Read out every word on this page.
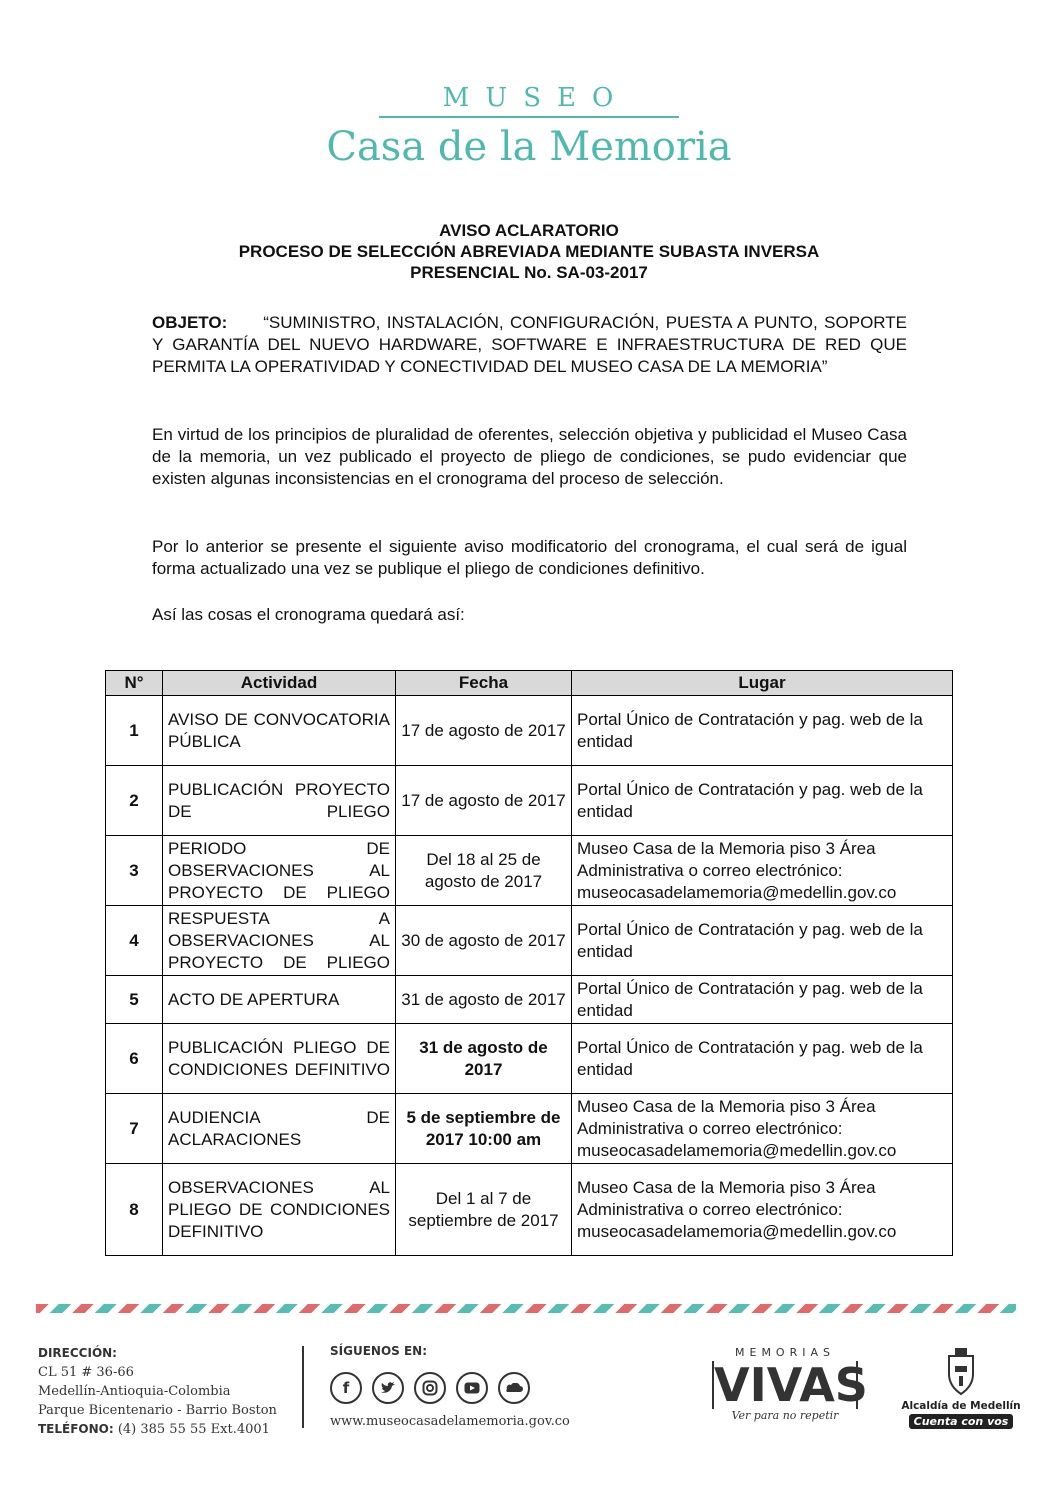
MUSEO
Casa de la Memoria
AVISO ACLARATORIO
PROCESO DE SELECCIÓN ABREVIADA MEDIANTE SUBASTA INVERSA
PRESENCIAL No. SA-03-2017
OBJETO: “SUMINISTRO, INSTALACIÓN, CONFIGURACIÓN, PUESTA A PUNTO, SOPORTE Y GARANTÍA DEL NUEVO HARDWARE, SOFTWARE E INFRAESTRUCTURA DE RED QUE PERMITA LA OPERATIVIDAD Y CONECTIVIDAD DEL MUSEO CASA DE LA MEMORIA”
En virtud de los principios de pluralidad de oferentes, selección objetiva y publicidad el Museo Casa de la memoria, un vez publicado el proyecto de pliego de condiciones, se pudo evidenciar que existen algunas inconsistencias en el cronograma del proceso de selección.
Por lo anterior se presente el siguiente aviso modificatorio del cronograma, el cual será de igual forma actualizado una vez se publique el pliego de condiciones definitivo.
Así las cosas el cronograma quedará así:
N°	Actividad	Fecha	Lugar
1	AVISO DE CONVOCATORIA PÚBLICA	17 de agosto de 2017	Portal Único de Contratación y pag. web de la entidad
2	PUBLICACIÓN PROYECTO DE PLIEGO	17 de agosto de 2017	Portal Único de Contratación y pag. web de la entidad
3	PERIODO DE OBSERVACIONES AL PROYECTO DE PLIEGO	Del 18 al 25 de agosto de 2017	Museo Casa de la Memoria piso 3 Área Administrativa o correo electrónico: museocasadelamemoria@medellin.gov.co
4	RESPUESTA A OBSERVACIONES AL PROYECTO DE PLIEGO	30 de agosto de 2017	Portal Único de Contratación y pag. web de la entidad
5	ACTO DE APERTURA	31 de agosto de 2017	Portal Único de Contratación y pag. web de la entidad
6	PUBLICACIÓN PLIEGO DE CONDICIONES DEFINITIVO	31 de agosto de 2017	Portal Único de Contratación y pag. web de la entidad
7	AUDIENCIA DE ACLARACIONES	5 de septiembre de 2017 10:00 am	Museo Casa de la Memoria piso 3 Área Administrativa o correo electrónico: museocasadelamemoria@medellin.gov.co
8	OBSERVACIONES AL PLIEGO DE CONDICIONES DEFINITIVO	Del 1 al 7 de septiembre de 2017	Museo Casa de la Memoria piso 3 Área Administrativa o correo electrónico: museocasadelamemoria@medellin.gov.co
DIRECCIÓN:
CL 51 # 36-66
Medellín-Antioquia-Colombia
Parque Bicentenario - Barrio Boston
TELÉFONO: (4) 385 55 55 Ext.4001
SÍGUENOS EN:
f
www.museocasadelamemoria.gov.co
MEMORIAS
VIVAS
Ver para no repetir
Alcaldía de Medellín
Cuenta con vos
